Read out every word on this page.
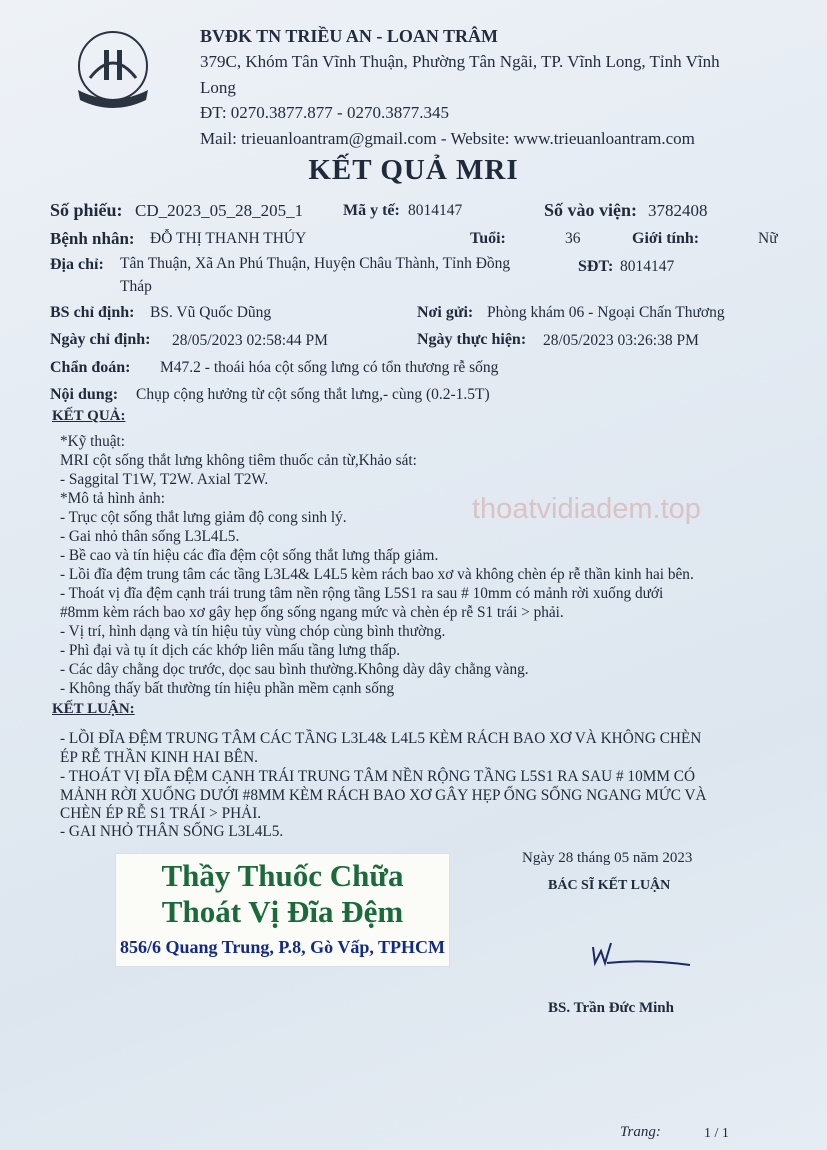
BVĐK TN TRIỀU AN - LOAN TRÂM
379C, Khóm Tân Vĩnh Thuận, Phường Tân Ngãi, TP. Vĩnh Long, Tỉnh Vĩnh
Long
ĐT: 0270.3877.877 - 0270.3877.345
Mail: trieuanloantram@gmail.com - Website: www.trieuanloantram.com
KẾT QUẢ MRI
Số phiếu: CD_2023_05_28_205_1 Mã y tế: 8014147	Số vào viện: 3782408
Bệnh nhân: ĐỖ THỊ THANH THÚY	Tuổi:	36	Giới tính:	Nữ
Địa chỉ: Tân Thuận, Xã An Phú Thuận, Huyện Châu Thành, Tỉnh Đồng
Tháp
SĐT: 8014147
BS chỉ định: BS. Vũ Quốc Dũng	Nơi gửi: Phòng khám 06 - Ngoại Chấn Thương
Ngày chỉ định: 28/05/2023 02:58:44 PM	Ngày thực hiện: 28/05/2023 03:26:38 PM
Chẩn đoán: M47.2 - thoái hóa cột sống lưng có tổn thương rễ sống
Nội dung: Chụp cộng hưởng từ cột sống thắt lưng,- cùng (0.2-1.5T)
KẾT QUẢ:
*Kỹ thuật:
MRI cột sống thắt lưng không tiêm thuốc cản từ,Khảo sát:
- Saggital T1W, T2W. Axial T2W.
*Mô tả hình ảnh:
- Trục cột sống thắt lưng giảm độ cong sinh lý.
- Gai nhỏ thân sống L3L4L5.
- Bề cao và tín hiệu các đĩa đệm cột sống thắt lưng thấp giảm.
- Lồi đĩa đệm trung tâm các tầng L3L4& L4L5 kèm rách bao xơ và không chèn ép rễ thần kinh hai bên.
- Thoát vị đĩa đệm cạnh trái trung tâm nền rộng tầng L5S1 ra sau # 10mm có mảnh rời xuống dưới
#8mm kèm rách bao xơ gây hẹp ống sống ngang mức và chèn ép rễ S1 trái > phải.
- Vị trí, hình dạng và tín hiệu tủy vùng chóp cùng bình thường.
- Phì đại và tụ ít dịch các khớp liên mấu tầng lưng thấp.
- Các dây chằng dọc trước, dọc sau bình thường.Không dày dây chằng vàng.
- Không thấy bất thường tín hiệu phần mềm cạnh sống
thoatvidiadem.top
KẾT LUẬN:
- LỒI ĐĨA ĐỆM TRUNG TÂM CÁC TẦNG L3L4& L4L5 KÈM RÁCH BAO XƠ VÀ KHÔNG CHÈN
ÉP RỄ THẦN KINH HAI BÊN.
- THOÁT VỊ ĐĨA ĐỆM CẠNH TRÁI TRUNG TÂM NỀN RỘNG TẦNG L5S1 RA SAU # 10MM CÓ
MẢNH RỜI XUỐNG DƯỚI #8MM KÈM RÁCH BAO XƠ GÂY HẸP ỐNG SỐNG NGANG MỨC VÀ
CHÈN ÉP RỄ S1 TRÁI > PHẢI.
- GAI NHỎ THÂN SỐNG L3L4L5.
Thầy Thuốc Chữa
Thoát Vị Đĩa Đệm
856/6 Quang Trung, P.8, Gò Vấp, TPHCM
Ngày 28 tháng 05 năm 2023
BÁC SĨ KẾT LUẬN
BS. Trần Đức Minh
Trang:	1 / 1
